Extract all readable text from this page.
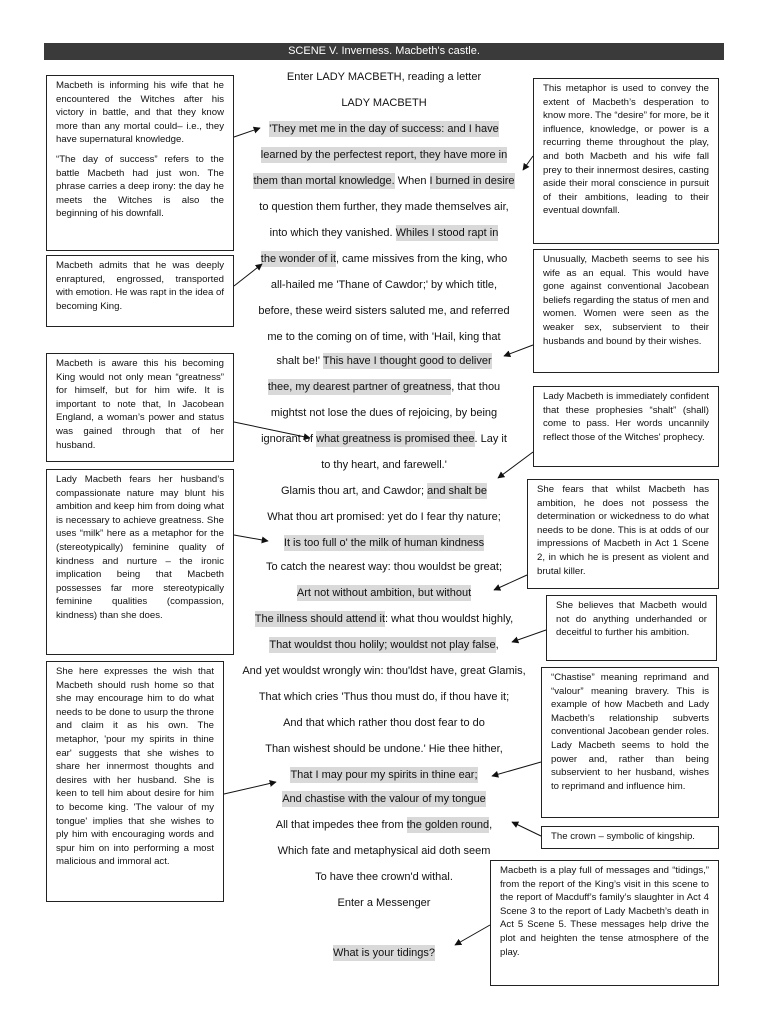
SCENE V. Inverness. Macbeth's castle.
Enter LADY MACBETH, reading a letter
LADY MACBETH
'They met me in the day of success: and I have
learned by the perfectest report, they have more in
them than mortal knowledge. When I burned in desire
to question them further, they made themselves air,
into which they vanished. Whiles I stood rapt in
the wonder of it, came missives from the king, who
all-hailed me 'Thane of Cawdor;' by which title,
before, these weird sisters saluted me, and referred
me to the coming on of time, with 'Hail, king that
shalt be!' This have I thought good to deliver
thee, my dearest partner of greatness, that thou
mightst not lose the dues of rejoicing, by being
ignorant of what greatness is promised thee. Lay it
to thy heart, and farewell.'
Glamis thou art, and Cawdor; and shalt be
What thou art promised: yet do I fear thy nature;
It is too full o' the milk of human kindness
To catch the nearest way: thou wouldst be great;
Art not without ambition, but without
The illness should attend it: what thou wouldst highly,
That wouldst thou holily; wouldst not play false,
And yet wouldst wrongly win: thou'ldst have, great Glamis,
That which cries 'Thus thou must do, if thou have it;
And that which rather thou dost fear to do
Than wishest should be undone.' Hie thee hither,
That I may pour my spirits in thine ear;
And chastise with the valour of my tongue
All that impedes thee from the golden round,
Which fate and metaphysical aid doth seem
To have thee crown'd withal.
Enter a Messenger
What is your tidings?

Macbeth is informing his wife that he encountered the Witches after his victory in battle, and that they know more than any mortal could– i.e., they have supernatural knowledge.

“The day of success” refers to the battle Macbeth had just won. The phrase carries a deep irony: the day he meets the Witches is also the beginning of his downfall.

Macbeth admits that he was deeply enraptured, engrossed, transported with emotion. He was rapt in the idea of becoming King.

Macbeth is aware this his becoming King would not only mean “greatness” for himself, but for him wife. It is important to note that, In Jacobean England, a woman’s power and status was gained through that of her husband.

Lady Macbeth fears her husband’s compassionate nature may blunt his ambition and keep him from doing what is necessary to achieve greatness. She uses “milk” here as a metaphor for the (stereotypically) feminine quality of kindness and nurture – the ironic implication being that Macbeth possesses far more stereotypically feminine qualities (compassion, kindness) than she does.

She here expresses the wish that Macbeth should rush home so that she may encourage him to do what needs to be done to usurp the throne and claim it as his own. The metaphor, 'pour my spirits in thine ear' suggests that she wishes to share her innermost thoughts and desires with her husband. She is keen to tell him about desire for him to become king. 'The valour of my tongue' implies that she wishes to ply him with encouraging words and spur him on into performing a most malicious and immoral act.

This metaphor is used to convey the extent of Macbeth’s desperation to know more. The “desire” for more, be it influence, knowledge, or power is a recurring theme throughout the play, and both Macbeth and his wife fall prey to their innermost desires, casting aside their moral conscience in pursuit of their ambitions, leading to their eventual downfall.

Unusually, Macbeth seems to see his wife as an equal. This would have gone against conventional Jacobean beliefs regarding the status of men and women. Women were seen as the weaker sex, subservient to their husbands and bound by their wishes.

Lady Macbeth is immediately confident that these prophesies “shalt” (shall) come to pass. Her words uncannily reflect those of the Witches' prophecy.

She fears that whilst Macbeth has ambition, he does not possess the determination or wickedness to do what needs to be done. This is at odds of our impressions of Macbeth in Act 1 Scene 2, in which he is present as violent and brutal killer.

She believes that Macbeth would not do anything underhanded or deceitful to further his ambition.

“Chastise” meaning reprimand and “valour” meaning bravery. This is example of how Macbeth and Lady Macbeth’s relationship subverts conventional Jacobean gender roles. Lady Macbeth seems to hold the power and, rather than being subservient to her husband, wishes to reprimand and influence him.

The crown – symbolic of kingship.

Macbeth is a play full of messages and “tidings,” from the report of the King’s visit in this scene to the report of Macduff’s family’s slaughter in Act 4 Scene 3 to the report of Lady Macbeth’s death in Act 5 Scene 5. These messages help drive the plot and heighten the tense atmosphere of the play.
